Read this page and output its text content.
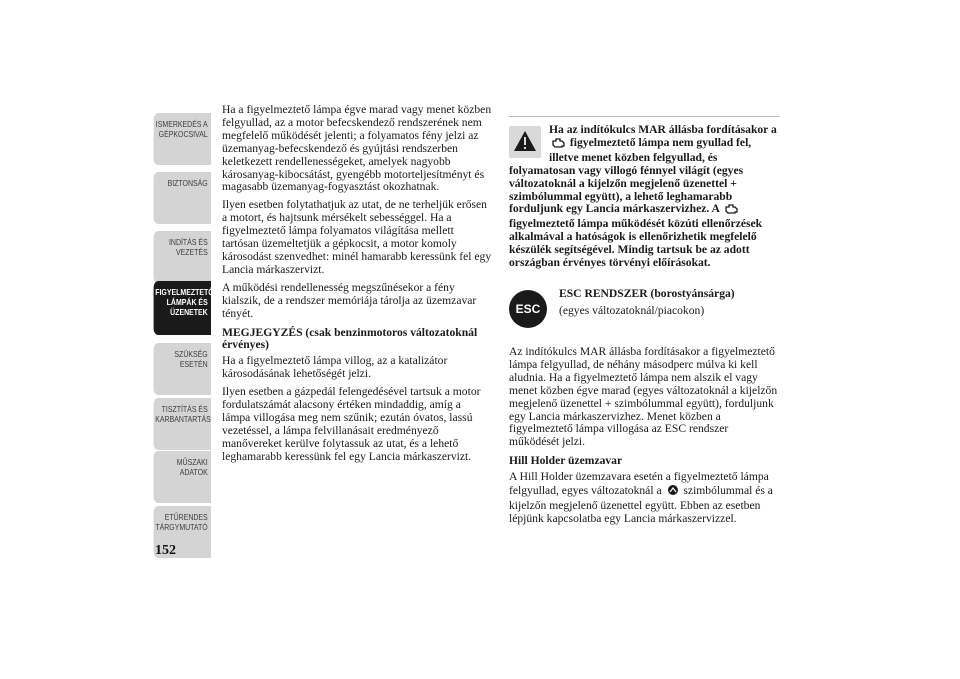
ISMERKEDÉS A
GÉPKOCSIVAL
BIZTONSÁG
INDÍTÁS ÉS
VEZETÉS
FIGYELMEZTETŐ
LÁMPÁK ÉS
ÜZENETEK
SZÜKSÉG ESETÉN
TISZTÍTÁS ÉS
KARBANTARTÁS
MŰSZAKI ADATOK
ETŰRENDES
TÁRGYMUTATÓ
152

Ha a figyelmeztető lámpa égve marad vagy menet közben felgyullad, az a motor befecskendező rendszerének nem megfelelő működését jelenti; a folyamatos fény jelzi az üzemanyag-befecskendező és gyújtási rendszerben keletkezett rendellenességeket, amelyek nagyobb károsanyag-kibocsátást, gyengébb motorteljesítményt és magasabb üzemanyag-fogyasztást okozhatnak.

Ilyen esetben folytathatjuk az utat, de ne terheljük erősen a motort, és hajtsunk mérsékelt sebességgel. Ha a figyelmeztető lámpa folyamatos világítása mellett tartósan üzemeltetjük a gépkocsit, a motor komoly károsodást szenvedhet: minél hamarabb keressünk fel egy Lancia márkaszervizt.

A működési rendellenesség megszűnésekor a fény kialszik, de a rendszer memóriája tárolja az üzemzavar tényét.

MEGJEGYZÉS (csak benzinmotoros változatoknál érvényes)

Ha a figyelmeztető lámpa villog, az a katalizátor károsodásának lehetőségét jelzi.

Ilyen esetben a gázpedál felengedésével tartsuk a motor fordulatszámát alacsony értéken mindaddig, amíg a lámpa villogása meg nem szűnik; ezután óvatos, lassú vezetéssel, a lámpa felvillanásait eredményező manővereket kerülve folytassuk az utat, és a lehető leghamarabb keressünk fel egy Lancia márkaszervizt.

Ha az indítókulcs MAR állásba fordításakor a  figyelmeztető lámpa nem gyullad fel, illetve menet közben felgyullad, és folyamatosan vagy villogó fénnyel világít (egyes változatoknál a kijelzőn megjelenő üzenettel + szimbólummal együtt), a lehető leghamarabb forduljunk egy Lancia márkaszervizhez. A  figyelmeztető lámpa működését közúti ellenőrzések alkalmával a hatóságok is ellenőrizhetik megfelelő készülék segítségével. Mindig tartsuk be az adott országban érvényes törvényi előírásokat.
ESC
ESC RENDSZER (borostyánsárga)
(egyes változatoknál/piacokon)

Az indítókulcs MAR állásba fordításakor a figyelmeztető lámpa felgyullad, de néhány másodperc múlva ki kell aludnia. Ha a figyelmeztető lámpa nem alszik el vagy menet közben égve marad (egyes változatoknál a kijelzőn megjelenő üzenettel + szimbólummal együtt), forduljunk egy Lancia márkaszervizhez. Menet közben a figyelmeztető lámpa villogása az ESC rendszer működését jelzi.

Hill Holder üzemzavar

A Hill Holder üzemzavara esetén a figyelmeztető lámpa felgyullad, egyes változatoknál a szimbólummal és a kijelzőn megjelenő üzenettel együtt. Ebben az esetben lépjünk kapcsolatba egy Lancia márkaszervizzel.
